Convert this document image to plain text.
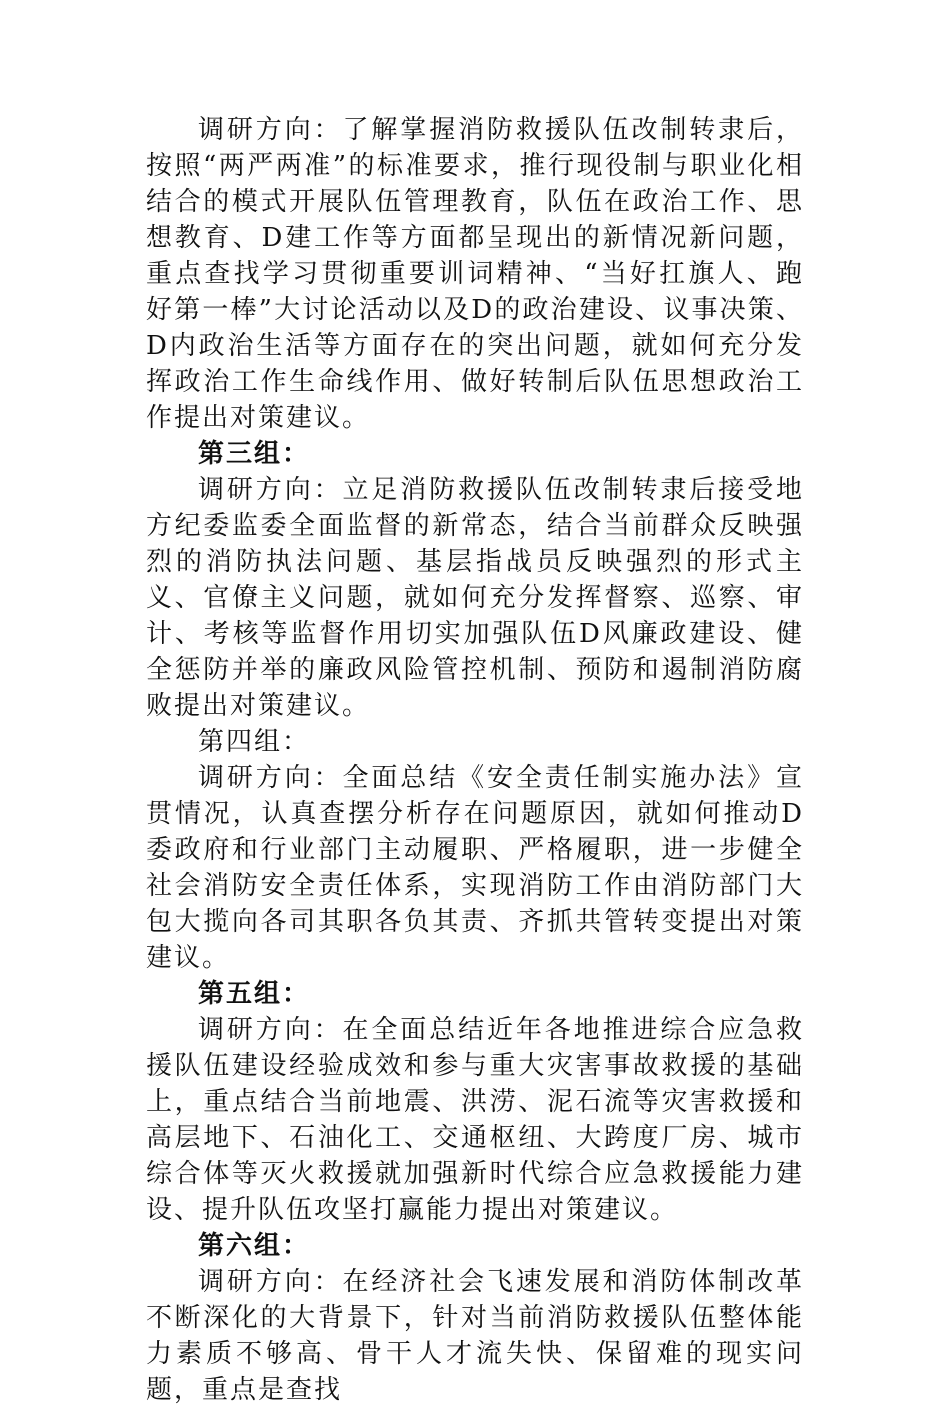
调研方向：了解掌握消防救援队伍改制转隶后，按照“两严两准”的标准要求，推行现役制与职业化相结合的模式开展队伍管理教育，队伍在政治工作、思想教育、D建工作等方面都呈现出的新情况新问题，重点查找学习贯彻重要训词精神、“当好扛旗人、跑好第一棒”大讨论活动以及D的政治建设、议事决策、D内政治生活等方面存在的突出问题，就如何充分发挥政治工作生命线作用、做好转制后队伍思想政治工作提出对策建议。

第三组：

调研方向：立足消防救援队伍改制转隶后接受地方纪委监委全面监督的新常态，结合当前群众反映强烈的消防执法问题、基层指战员反映强烈的形式主义、官僚主义问题，就如何充分发挥督察、巡察、审计、考核等监督作用切实加强队伍D风廉政建设、健全惩防并举的廉政风险管控机制、预防和遏制消防腐败提出对策建议。

第四组：

调研方向：全面总结《安全责任制实施办法》宣贯情况，认真查摆分析存在问题原因，就如何推动D委政府和行业部门主动履职、严格履职，进一步健全社会消防安全责任体系，实现消防工作由消防部门大包大揽向各司其职各负其责、齐抓共管转变提出对策建议。

第五组：

调研方向：在全面总结近年各地推进综合应急救援队伍建设经验成效和参与重大灾害事故救援的基础上，重点结合当前地震、洪涝、泥石流等灾害救援和高层地下、石油化工、交通枢纽、大跨度厂房、城市综合体等灭火救援就加强新时代综合应急救援能力建设、提升队伍攻坚打赢能力提出对策建议。

第六组：

调研方向：在经济社会飞速发展和消防体制改革不断深化的大背景下，针对当前消防救援队伍整体能力素质不够高、骨干人才流失快、保留难的现实问题，重点是查找
